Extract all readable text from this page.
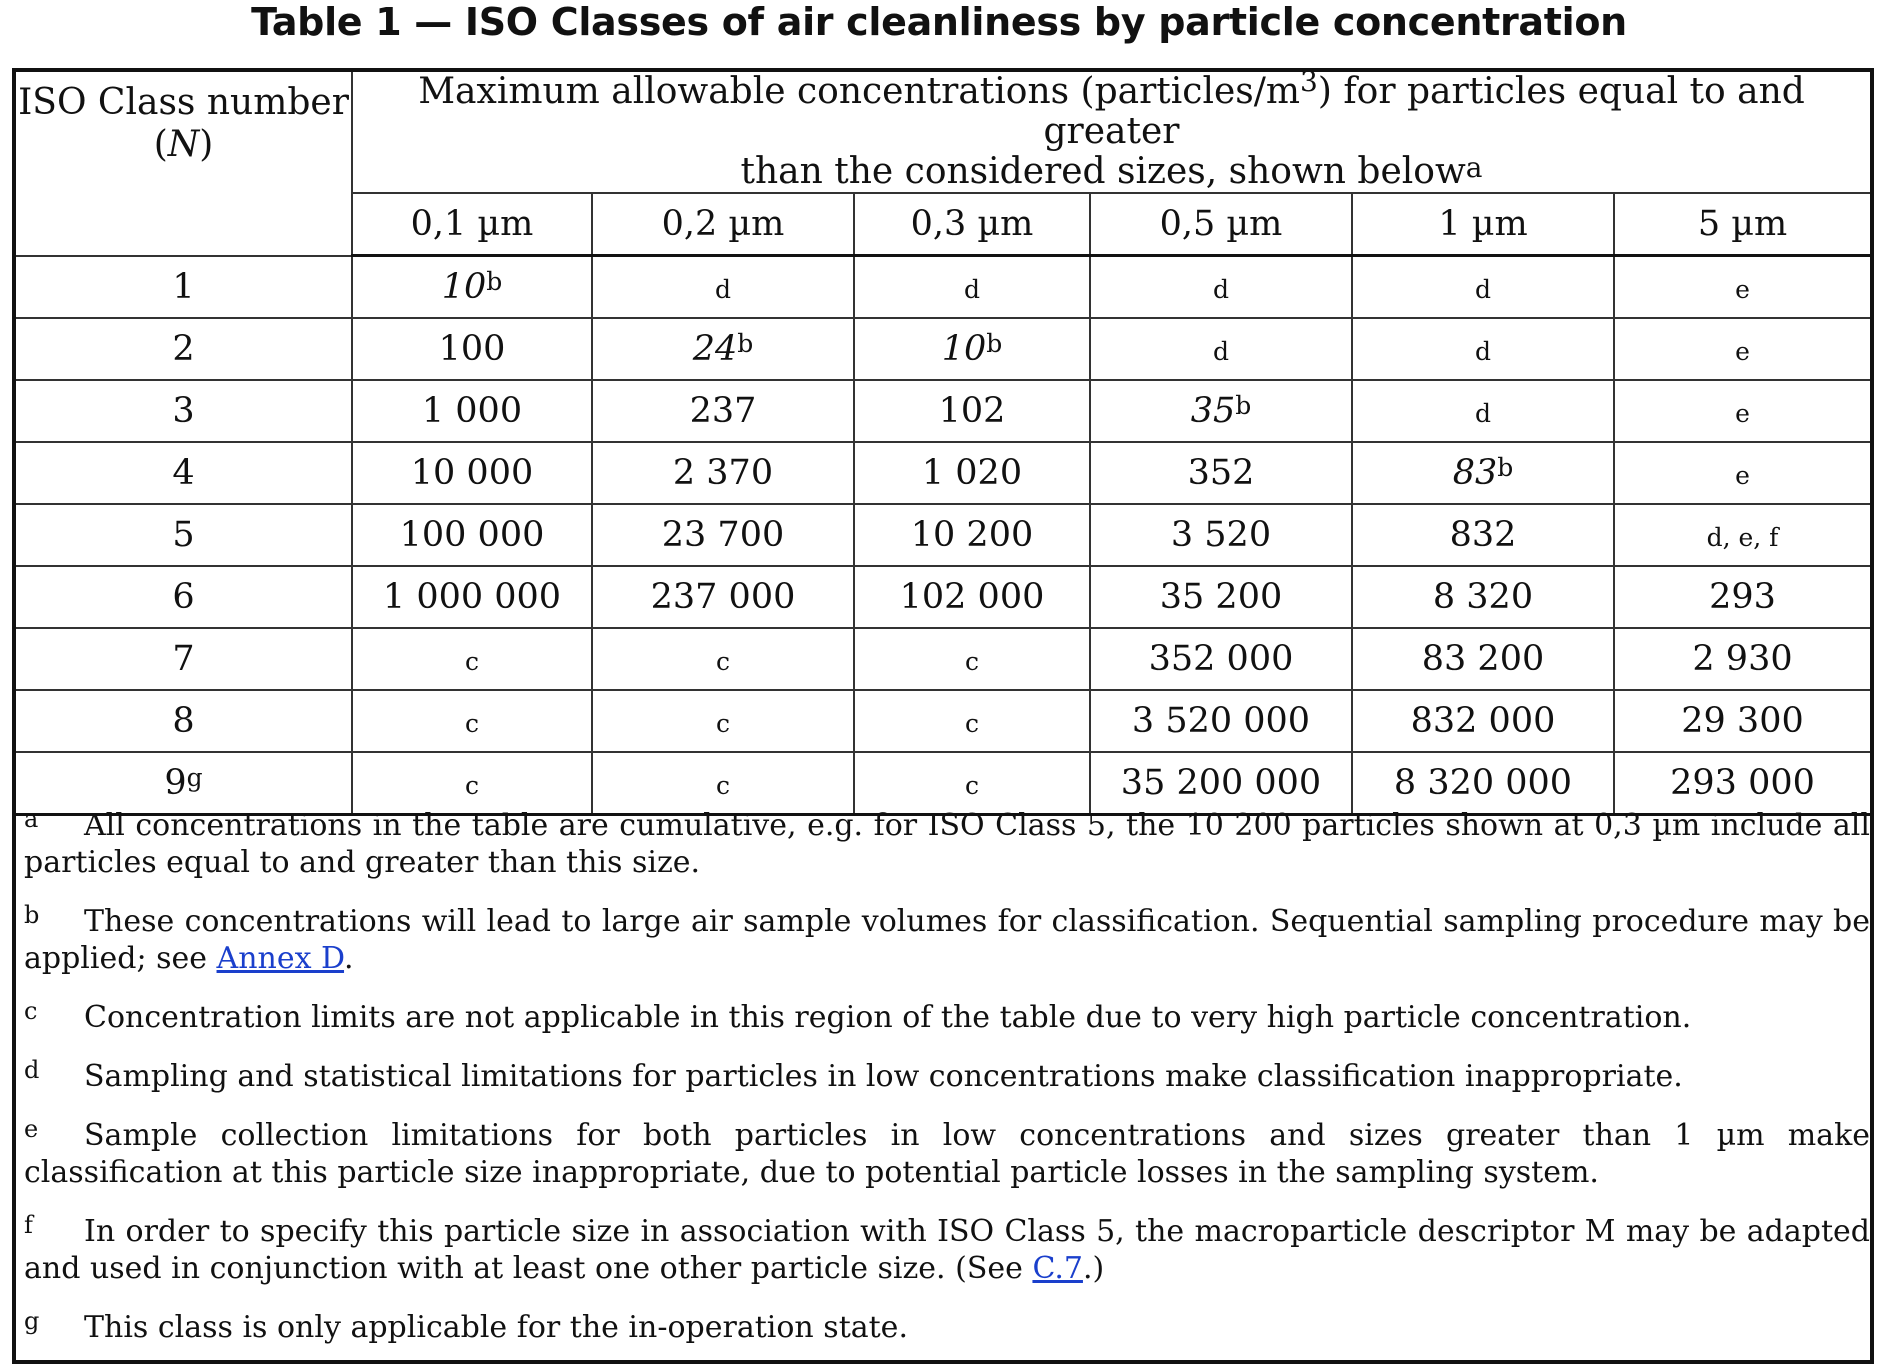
Table 1 — ISO Classes of air cleanliness by particle concentration
ISO Class number
(N)	Maximum allowable concentrations $(particles/m^3)$ for particles equal to and greater
than the considered sizes, shown below$^a$
	0,1 µm	0,2 µm	0,3 µm	0,5 µm	1 µm	5 µm
1	10$^b$	d	d	d	d	e
2	100	24$^b$	10$^b$	d	d	e
3	1 000	237	102	35$^b$	d	e
4	10 000	2 370	1 020	352	83$^b$	e
5	100 000	23 700	10 200	3 520	832	d, e, f
6	1 000 000	237 000	102 000	35 200	8 320	293
7	c	c	c	352 000	83 200	2 930
8	c	c	c	3 520 000	832 000	29 300
9$^g$	c	c	c	35 200 000	8 320 000	293 000

a All concentrations in the table are cumulative, e.g. for ISO Class 5, the 10 200 particles shown at 0,3 µm include all particles equal to and greater than this size.

b These concentrations will lead to large air sample volumes for classification. Sequential sampling procedure may be applied; see Annex D.

c Concentration limits are not applicable in this region of the table due to very high particle concentration.

d Sampling and statistical limitations for particles in low concentrations make classification inappropriate.

e Sample collection limitations for both particles in low concentrations and sizes greater than 1 µm make classification at this particle size inappropriate, due to potential particle losses in the sampling system.

f In order to specify this particle size in association with ISO Class 5, the macroparticle descriptor M may be adapted and used in conjunction with at least one other particle size. (See C.7.)

g This class is only applicable for the in-operation state.
